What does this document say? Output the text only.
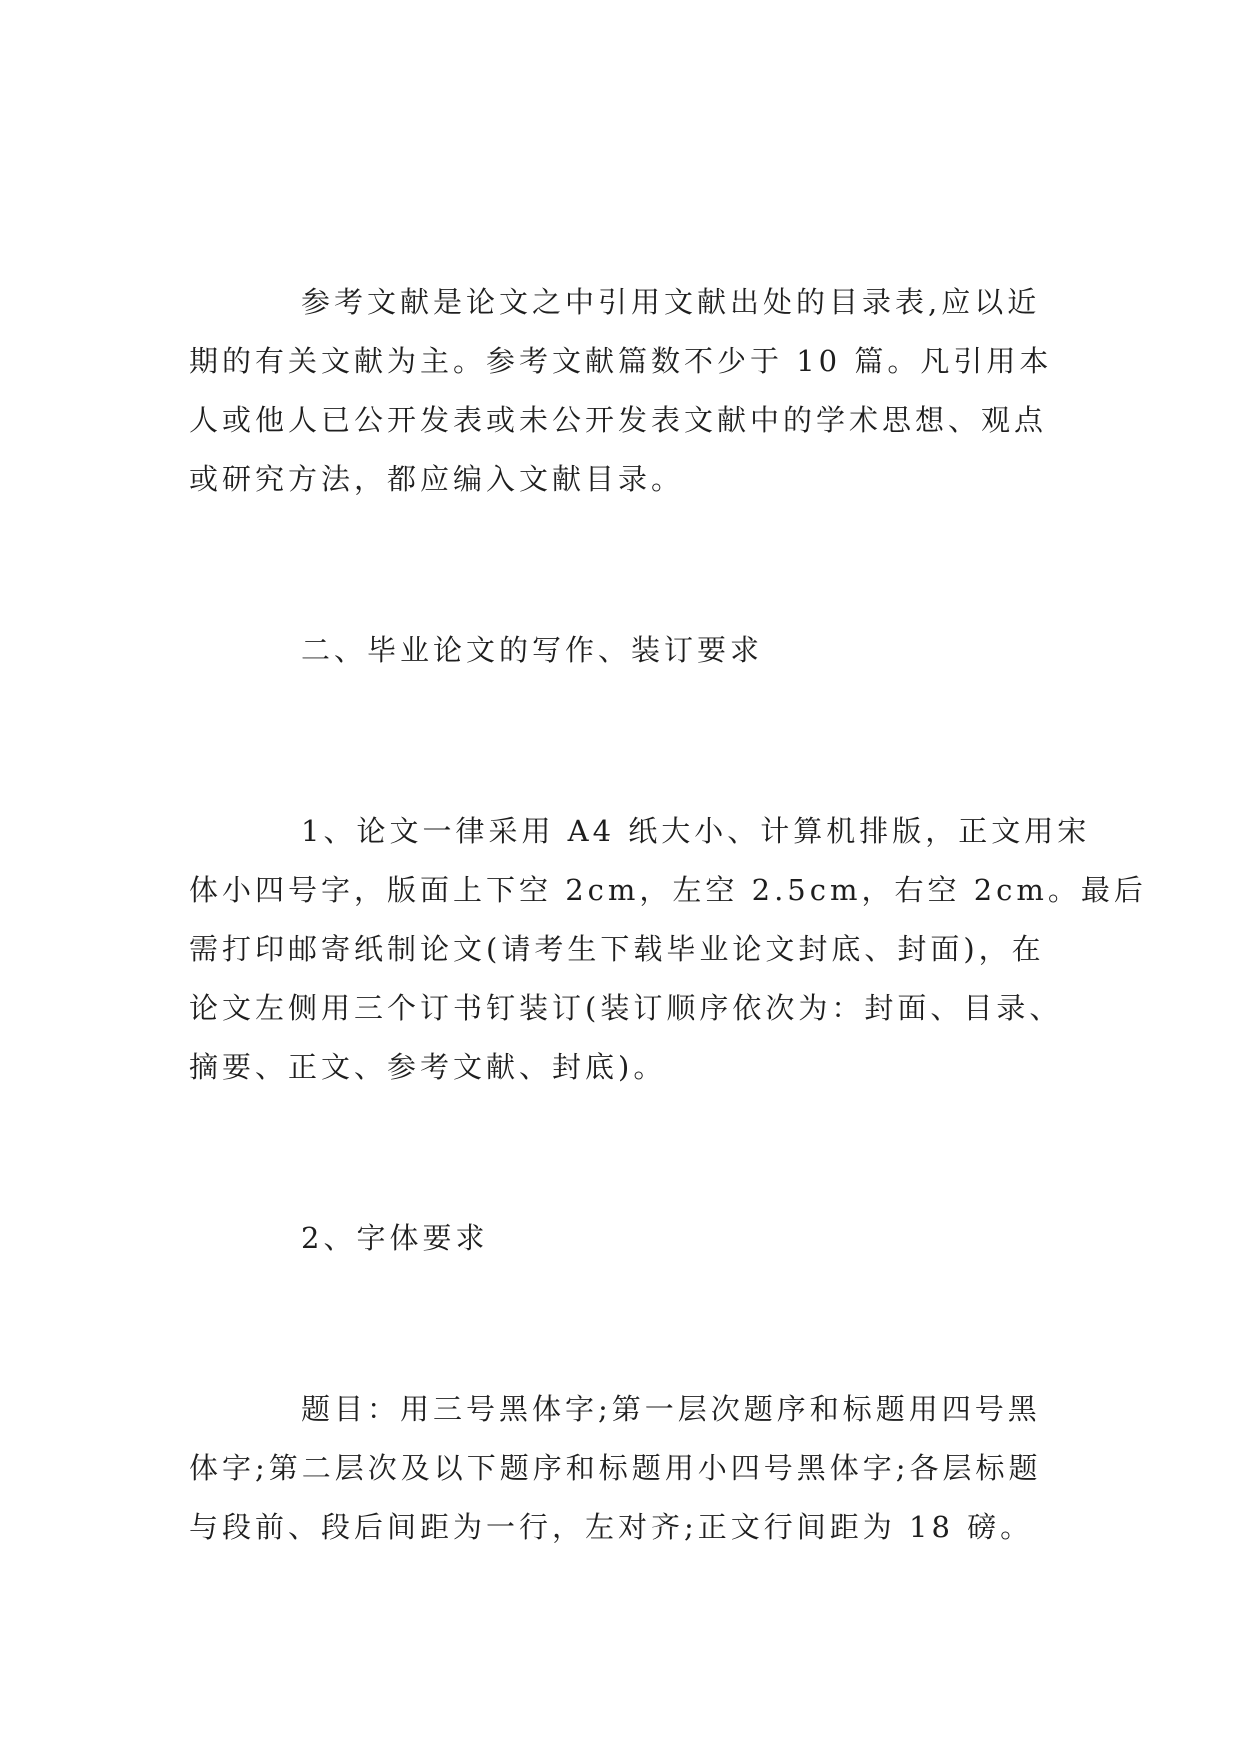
参考文献是论文之中引用文献出处的目录表,应以近
期的有关文献为主。参考文献篇数不少于 10 篇。凡引用本
人或他人已公开发表或未公开发表文献中的学术思想、观点
或研究方法，都应编入文献目录。

二、毕业论文的写作、装订要求

1、论文一律采用 A4 纸大小、计算机排版，正文用宋
体小四号字，版面上下空 2cm，左空 2.5cm，右空 2cm。最后
需打印邮寄纸制论文(请考生下载毕业论文封底、封面)，在
论文左侧用三个订书钉装订(装订顺序依次为：封面、目录、
摘要、正文、参考文献、封底)。

2、字体要求

题目：用三号黑体字;第一层次题序和标题用四号黑
体字;第二层次及以下题序和标题用小四号黑体字;各层标题
与段前、段后间距为一行，左对齐;正文行间距为 18 磅。
